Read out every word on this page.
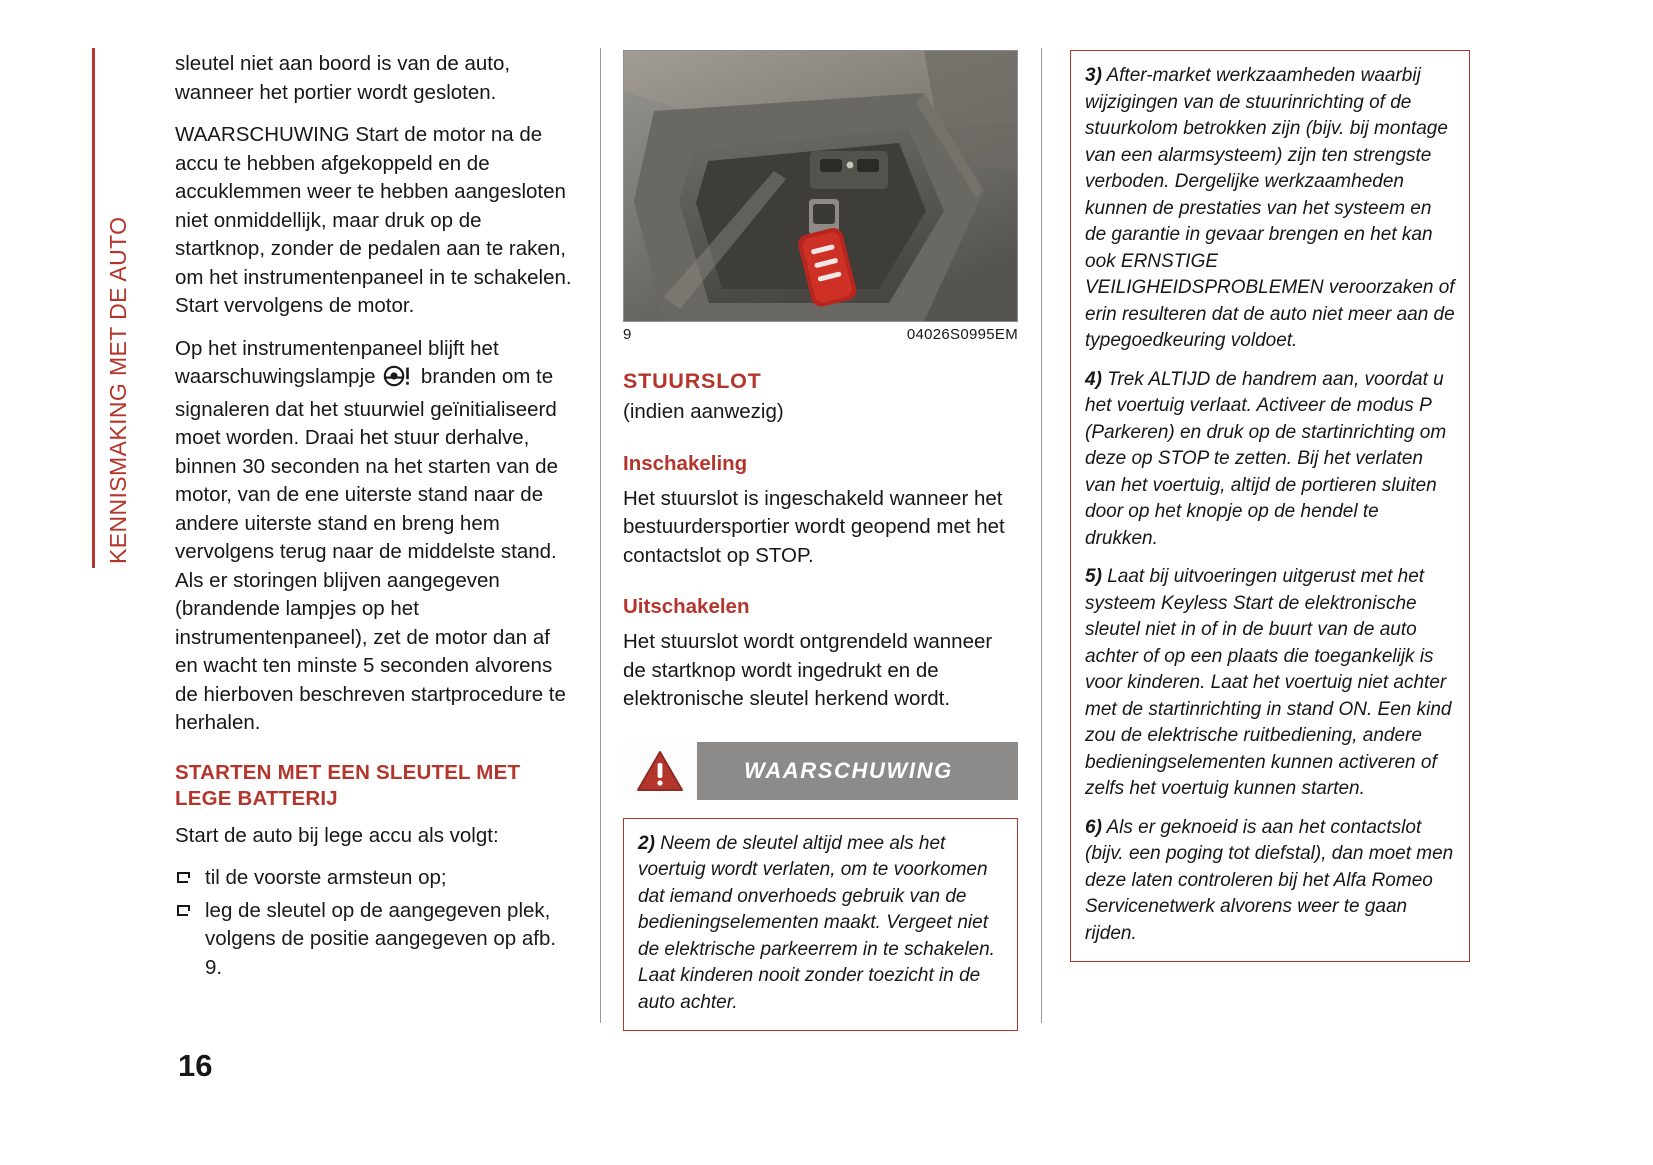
KENNISMAKING MET DE AUTO

sleutel niet aan boord is van de auto, wanneer het portier wordt gesloten.

WAARSCHUWING Start de motor na de accu te hebben afgekoppeld en de accuklemmen weer te hebben aangesloten niet onmiddellijk, maar druk op de startknop, zonder de pedalen aan te raken, om het instrumentenpaneel in te schakelen. Start vervolgens de motor.

Op het instrumentenpaneel blijft het waarschuwingslampje  branden om te signaleren dat het stuurwiel geïnitialiseerd moet worden. Draai het stuur derhalve, binnen 30 seconden na het starten van de motor, van de ene uiterste stand naar de andere uiterste stand en breng hem vervolgens terug naar de middelste stand. Als er storingen blijven aangegeven (brandende lampjes op het instrumentenpaneel), zet de motor dan af en wacht ten minste 5 seconden alvorens de hierboven beschreven startprocedure te herhalen.

STARTEN MET EEN SLEUTEL MET LEGE BATTERIJ

Start de auto bij lege accu als volgt:

til de voorste armsteun op;
leg de sleutel op de aangegeven plek, volgens de positie aangegeven op afb. 9.
9	04026S0995EM
STUURSLOT

(indien aanwezig)

Inschakeling

Het stuurslot is ingeschakeld wanneer het bestuurdersportier wordt geopend met het contactslot op STOP.

Uitschakelen

Het stuurslot wordt ontgrendeld wanneer de startknop wordt ingedrukt en de elektronische sleutel herkend wordt.

WAARSCHUWING

2) Neem de sleutel altijd mee als het voertuig wordt verlaten, om te voorkomen dat iemand onverhoeds gebruik van de bedieningselementen maakt. Vergeet niet de elektrische parkeerrem in te schakelen. Laat kinderen nooit zonder toezicht in de auto achter.

3) After-market werkzaamheden waarbij wijzigingen van de stuurinrichting of de stuurkolom betrokken zijn (bijv. bij montage van een alarmsysteem) zijn ten strengste verboden. Dergelijke werkzaamheden kunnen de prestaties van het systeem en de garantie in gevaar brengen en het kan ook ERNSTIGE VEILIGHEIDSPROBLEMEN veroorzaken of erin resulteren dat de auto niet meer aan de typegoedkeuring voldoet.

4) Trek ALTIJD de handrem aan, voordat u het voertuig verlaat. Activeer de modus P (Parkeren) en druk op de startinrichting om deze op STOP te zetten. Bij het verlaten van het voertuig, altijd de portieren sluiten door op het knopje op de hendel te drukken.

5) Laat bij uitvoeringen uitgerust met het systeem Keyless Start de elektronische sleutel niet in of in de buurt van de auto achter of op een plaats die toegankelijk is voor kinderen. Laat het voertuig niet achter met de startinrichting in stand ON. Een kind zou de elektrische ruitbediening, andere bedieningselementen kunnen activeren of zelfs het voertuig kunnen starten.

6) Als er geknoeid is aan het contactslot (bijv. een poging tot diefstal), dan moet men deze laten controleren bij het Alfa Romeo Servicenetwerk alvorens weer te gaan rijden.

16
